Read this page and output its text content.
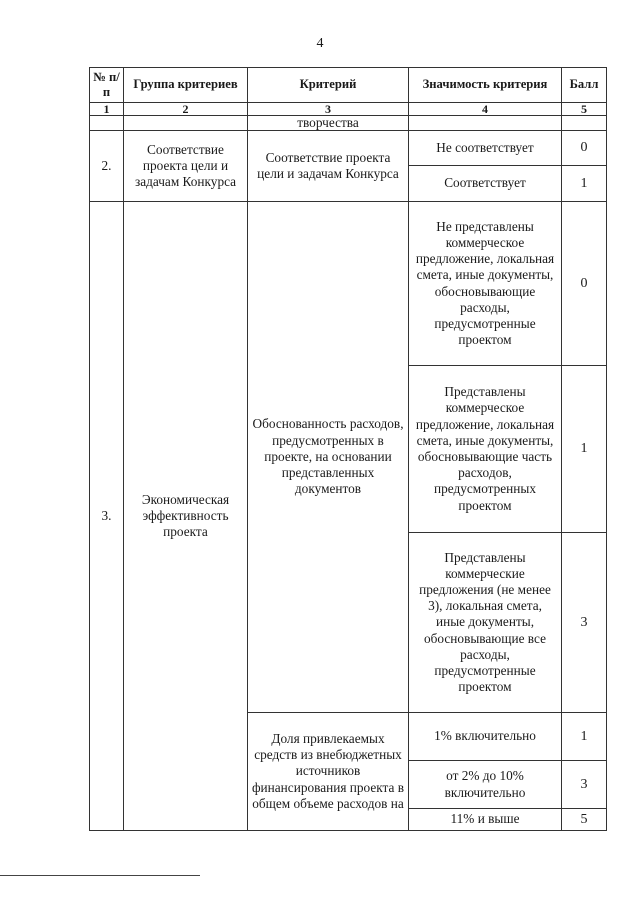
4
№ п/п	Группа критериев	Критерий	Значимость критерия	Балл
1	2	3	4	5
		творчества		
2.	Соответствие проекта цели и задачам Конкурса	Соответствие проекта цели и задачам Конкурса	Не соответствует	0
			Соответствует	1
3.	Экономическая эффективность проекта	Обоснованность расходов, предусмотренных в проекте, на основании представленных документов	Не представлены коммерческое предложение, локальная смета, иные документы, обосновывающие расходы, предусмотренные проектом	0
			Представлены коммерческое предложение, локальная смета, иные документы, обосновывающие часть расходов, предусмотренных проектом	1
			Представлены коммерческие предложения (не менее 3), локальная смета, иные документы, обосновывающие все расходы, предусмотренные проектом	3
		Доля привлекаемых средств из внебюджетных источников финансирования проекта в общем объеме расходов на	1% включительно	1
			от 2% до 10% включительно	3
			11% и выше	5
